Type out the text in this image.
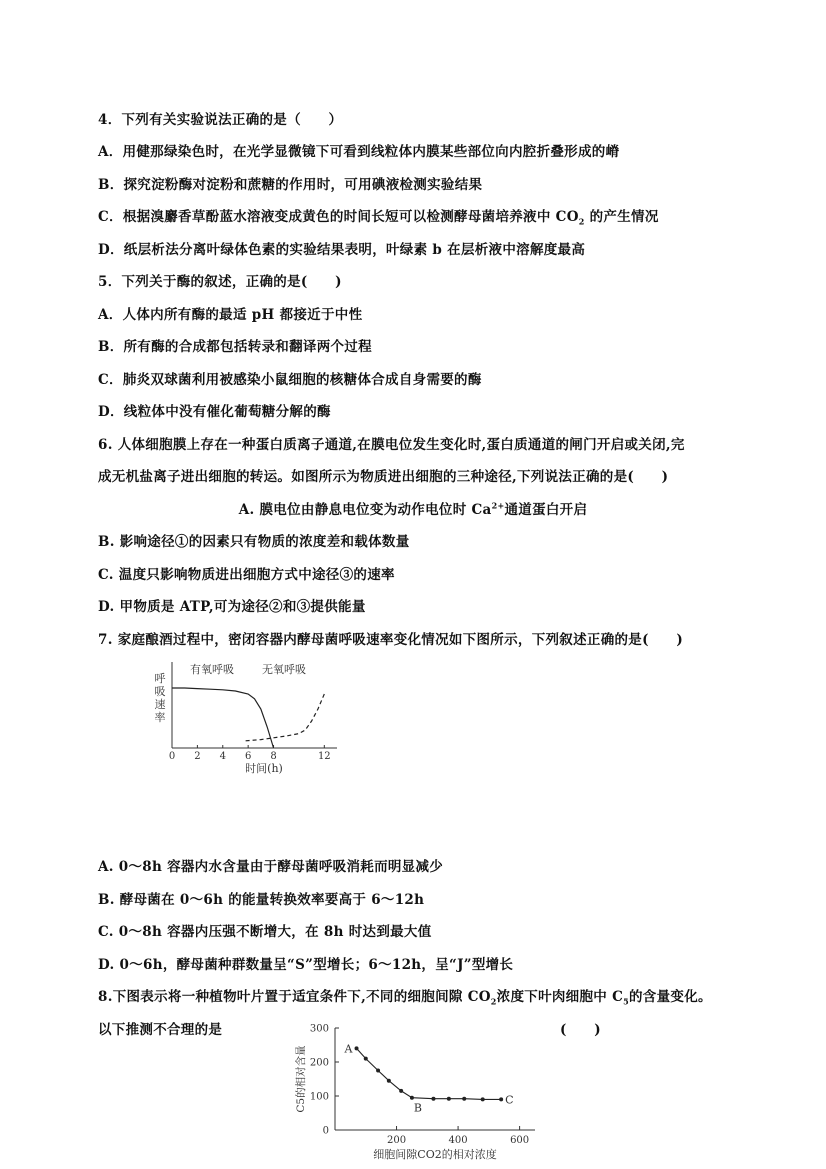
4．下列有关实验说法正确的是（　　）
A．用健那绿染色时，在光学显微镜下可看到线粒体内膜某些部位向内腔折叠形成的嵴
B．探究淀粉酶对淀粉和蔗糖的作用时，可用碘液检测实验结果
C．根据溴麝香草酚蓝水溶液变成黄色的时间长短可以检测酵母菌培养液中 $CO_2$ 的产生情况
D．纸层析法分离叶绿体色素的实验结果表明，叶绿素 b 在层析液中溶解度最高
5．下列关于酶的叙述，正确的是(　　)
A．人体内所有酶的最适 pH 都接近于中性
B．所有酶的合成都包括转录和翻译两个过程
C．肺炎双球菌利用被感染小鼠细胞的核糖体合成自身需要的酶
D．线粒体中没有催化葡萄糖分解的酶
6. 人体细胞膜上存在一种蛋白质离子通道,在膜电位发生变化时,蛋白质通道的闸门开启或关闭,完
成无机盐离子进出细胞的转运。如图所示为物质进出细胞的三种途径,下列说法正确的是(　　)
A. 膜电位由静息电位变为动作电位时 $Ca^{2+}$通道蛋白开启
B. 影响途径①的因素只有物质的浓度差和载体数量
C. 温度只影响物质进出细胞方式中途径③的速率
D. 甲物质是 ATP,可为途径②和③提供能量
7. 家庭酿酒过程中，密闭容器内酵母菌呼吸速率变化情况如下图所示，下列叙述正确的是(　　)
0 2 4 6 8	12
呼
吸
速
率
时间(h)
有氧呼吸	无氧呼吸
A. 0～8h 容器内水含量由于酵母菌呼吸消耗而明显减少
B. 酵母菌在 0～6h 的能量转换效率要高于 6～12h
C. 0～8h 容器内压强不断增大，在 8h 时达到最大值
D. 0～6h，酵母菌种群数量呈“S”型增长；6～12h，呈“J”型增长
8.下图表示将一种植物叶片置于适宜条件下,不同的细胞间隙 $CO_2$浓度下叶肉细胞中 $C_5$的含量变化。
以下推测不合理的是	(　　)
0
100
200
300
200	400	600
C5的相对含量
细胞间隙CO2的相对浓度
A
B
C
